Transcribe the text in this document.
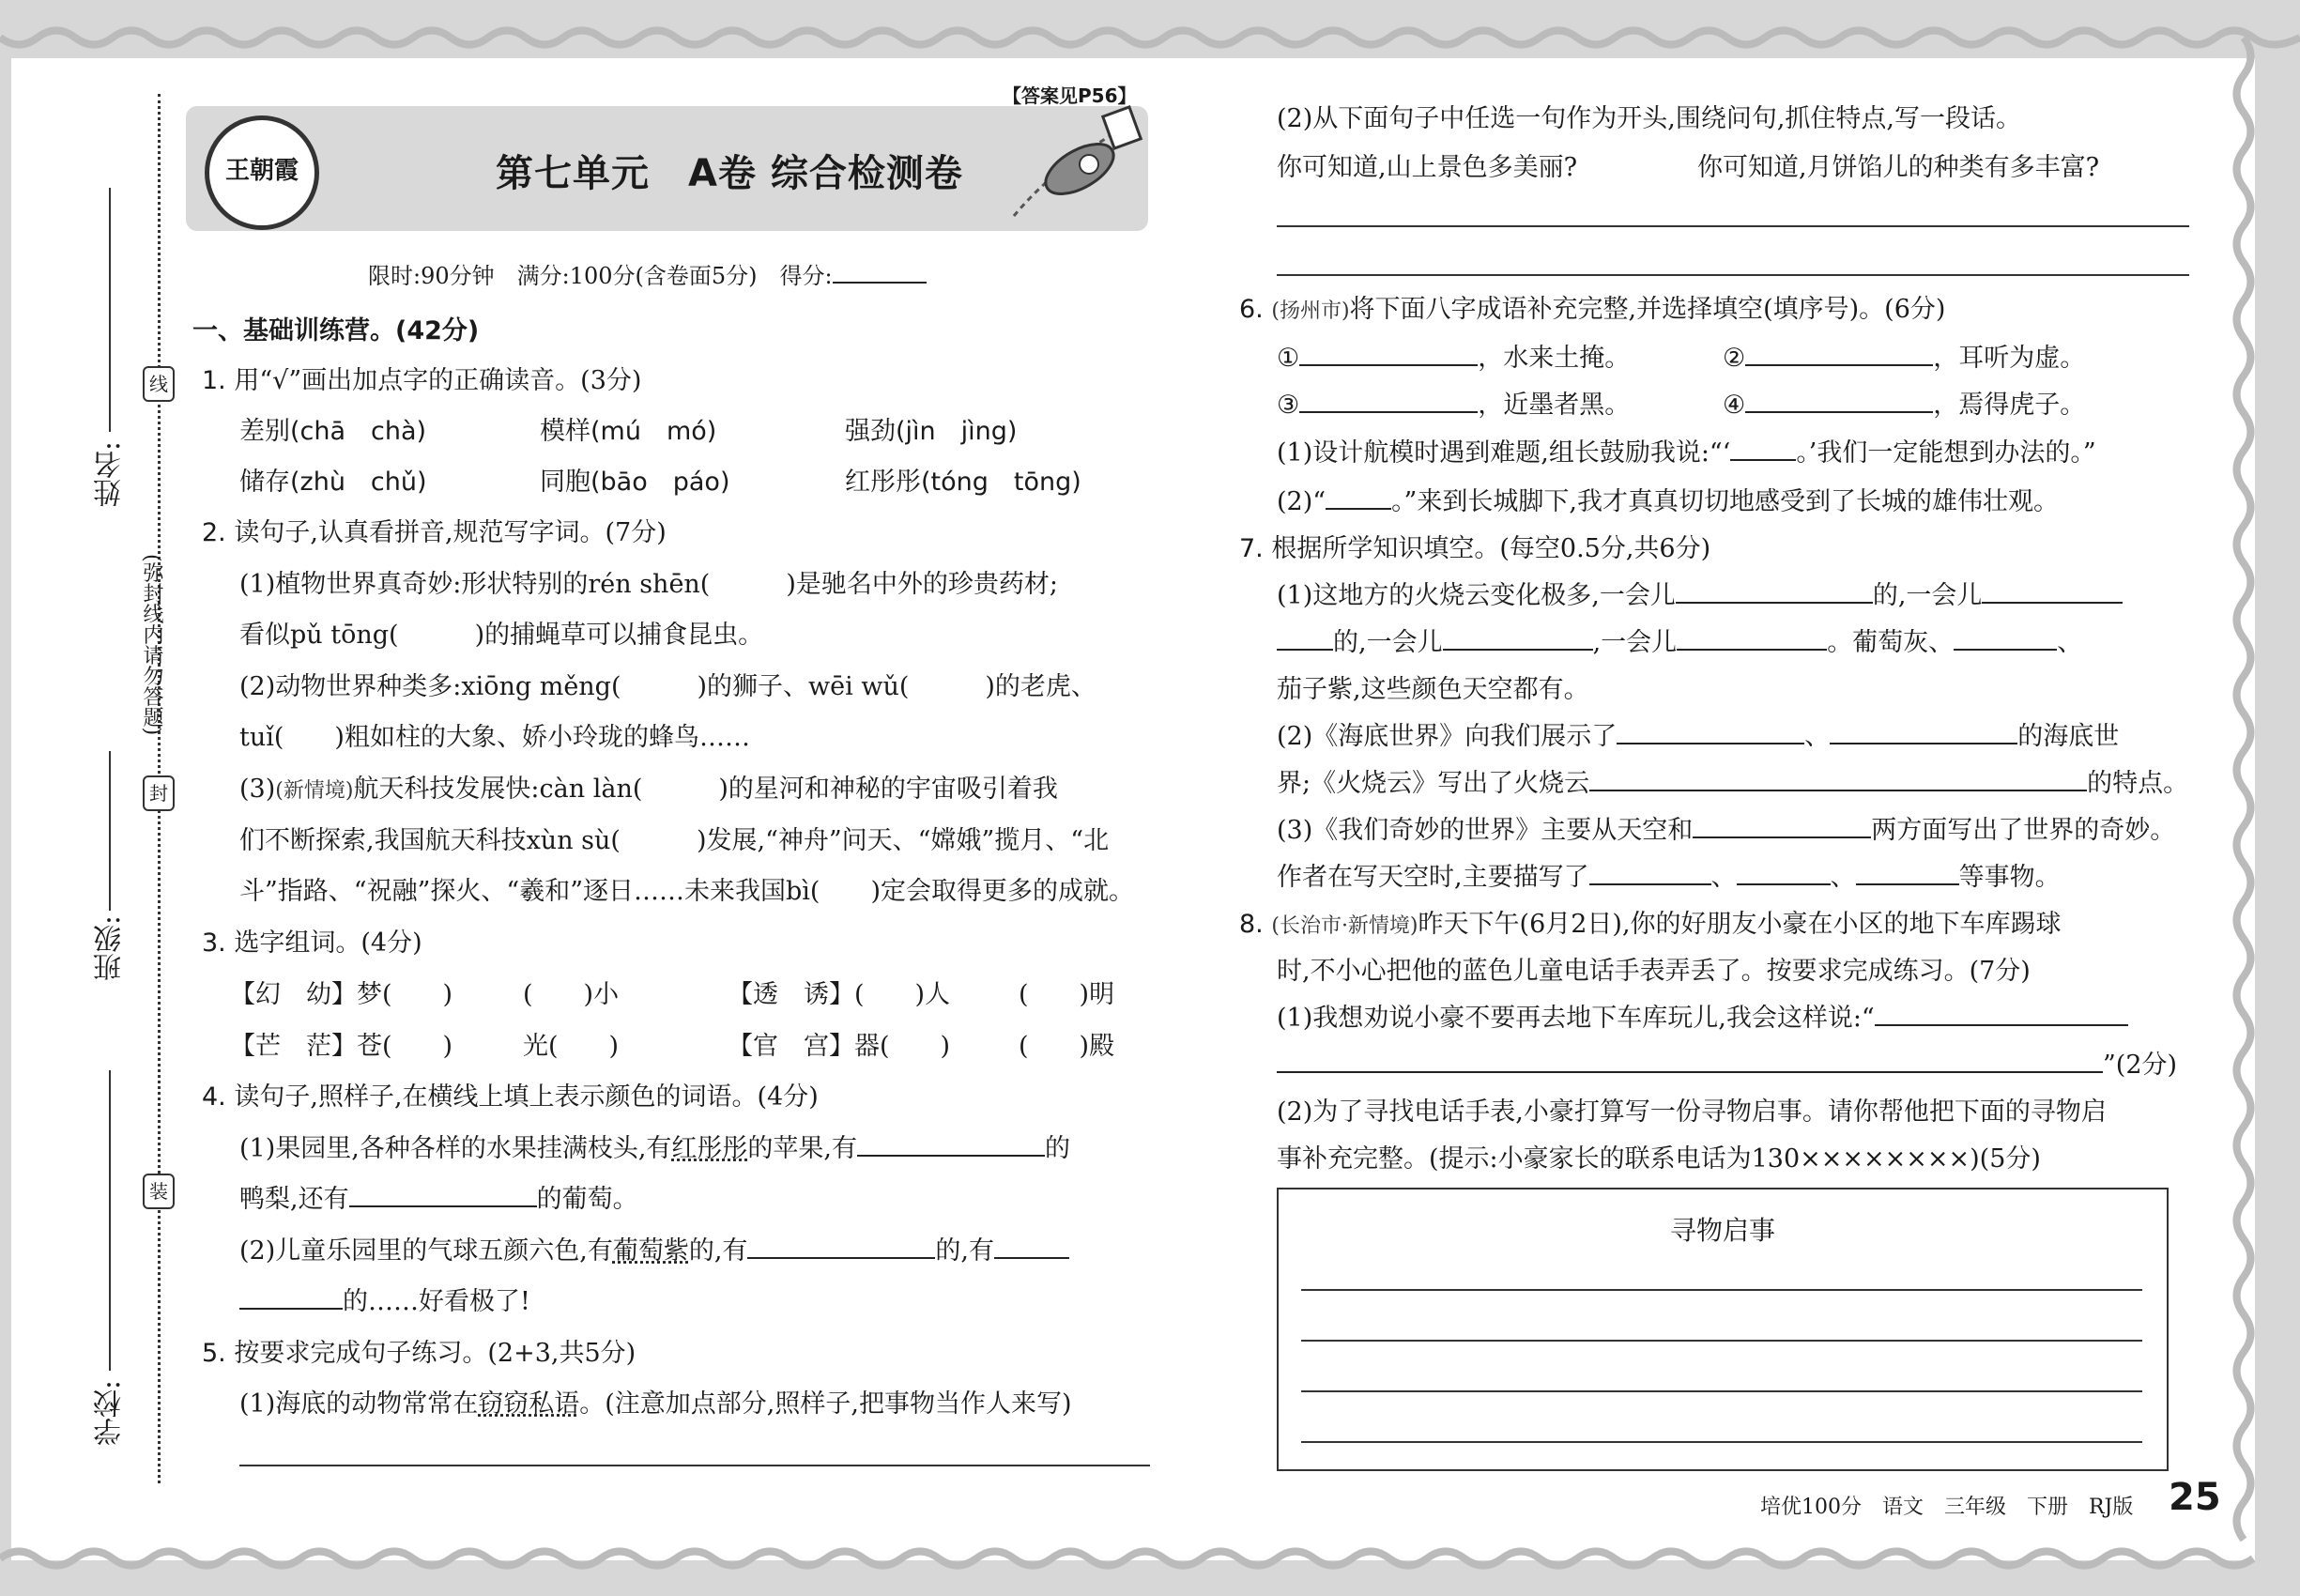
姓名:
班级:
学校:
线
封
装
(弥封线内请勿答题)
王朝霞	第七单元　A卷 综合检测卷
【答案见P56】
限时:90分钟　满分:100分(含卷面5分)　得分:
一、基础训练营。(42分)
1. 用“√”画出加点字的正确读音。(3分)
差别(chā　chà)	模样(mú　mó)	强劲(jìn　jìng)
储存(zhù　chǔ)	同胞(bāo　páo)	红彤彤(tóng　tōng)
2. 读句子,认真看拼音,规范写字词。(7分)
(1)植物世界真奇妙:形状特别的rén shēn(　　　)是驰名中外的珍贵药材;
看似pǔ tōng(　　　)的捕蝇草可以捕食昆虫。
(2)动物世界种类多:xiōng měng(　　　)的狮子、wēi wǔ(　　　)的老虎、
tuǐ(　　)粗如柱的大象、娇小玲珑的蜂鸟……
(3)(新情境)航天科技发展快:càn làn(　　　)的星河和神秘的宇宙吸引着我
们不断探索,我国航天科技xùn sù(　　　)发展,“神舟”问天、“嫦娥”揽月、“北
斗”指路、“祝融”探火、“羲和”逐日……未来我国bì(　　)定会取得更多的成就。
3. 选字组词。(4分)
【幻　幼】梦(　　)	(　　)小	【透　诱】(　　)人	(　　)明
【芒　茫】苍(　　)	光(　　)	【官　宫】器(　　)	(　　)殿
4. 读句子,照样子,在横线上填上表示颜色的词语。(4分)
(1)果园里,各种各样的水果挂满枝头,有红彤彤的苹果,有	的
鸭梨,还有	的葡萄。
(2)儿童乐园里的气球五颜六色,有葡萄紫的,有	的,有
的……好看极了!
5. 按要求完成句子练习。(2+3,共5分)
(1)海底的动物常常在窃窃私语。(注意加点部分,照样子,把事物当作人来写)
(2)从下面句子中任选一句作为开头,围绕问句,抓住特点,写一段话。
你可知道,山上景色多美丽?	你可知道,月饼馅儿的种类有多丰富?
6. (扬州市)将下面八字成语补充完整,并选择填空(填序号)。(6分)
①	，水来土掩。	②	，耳听为虚。
③	，近墨者黑。	④	，焉得虎子。
(1)设计航模时遇到难题,组长鼓励我说:“‘	。’我们一定能想到办法的。”
(2)“	。”来到长城脚下,我才真真切切地感受到了长城的雄伟壮观。
7. 根据所学知识填空。(每空0.5分,共6分)
(1)这地方的火烧云变化极多,一会儿	的,一会儿
的,一会儿	,一会儿	。葡萄灰、	、
茄子紫,这些颜色天空都有。
(2)《海底世界》向我们展示了	、	的海底世
界;《火烧云》写出了火烧云	的特点。
(3)《我们奇妙的世界》主要从天空和	两方面写出了世界的奇妙。
作者在写天空时,主要描写了	、	、	等事物。
8. (长治市·新情境)昨天下午(6月2日),你的好朋友小豪在小区的地下车库踢球
时,不小心把他的蓝色儿童电话手表弄丢了。按要求完成练习。(7分)
(1)我想劝说小豪不要再去地下车库玩儿,我会这样说:“
”(2分)
(2)为了寻找电话手表,小豪打算写一份寻物启事。请你帮他把下面的寻物启
事补充完整。(提示:小豪家长的联系电话为130××××××××)(5分)
寻物启事
培优100分　语文　三年级　下册　RJ版 25
